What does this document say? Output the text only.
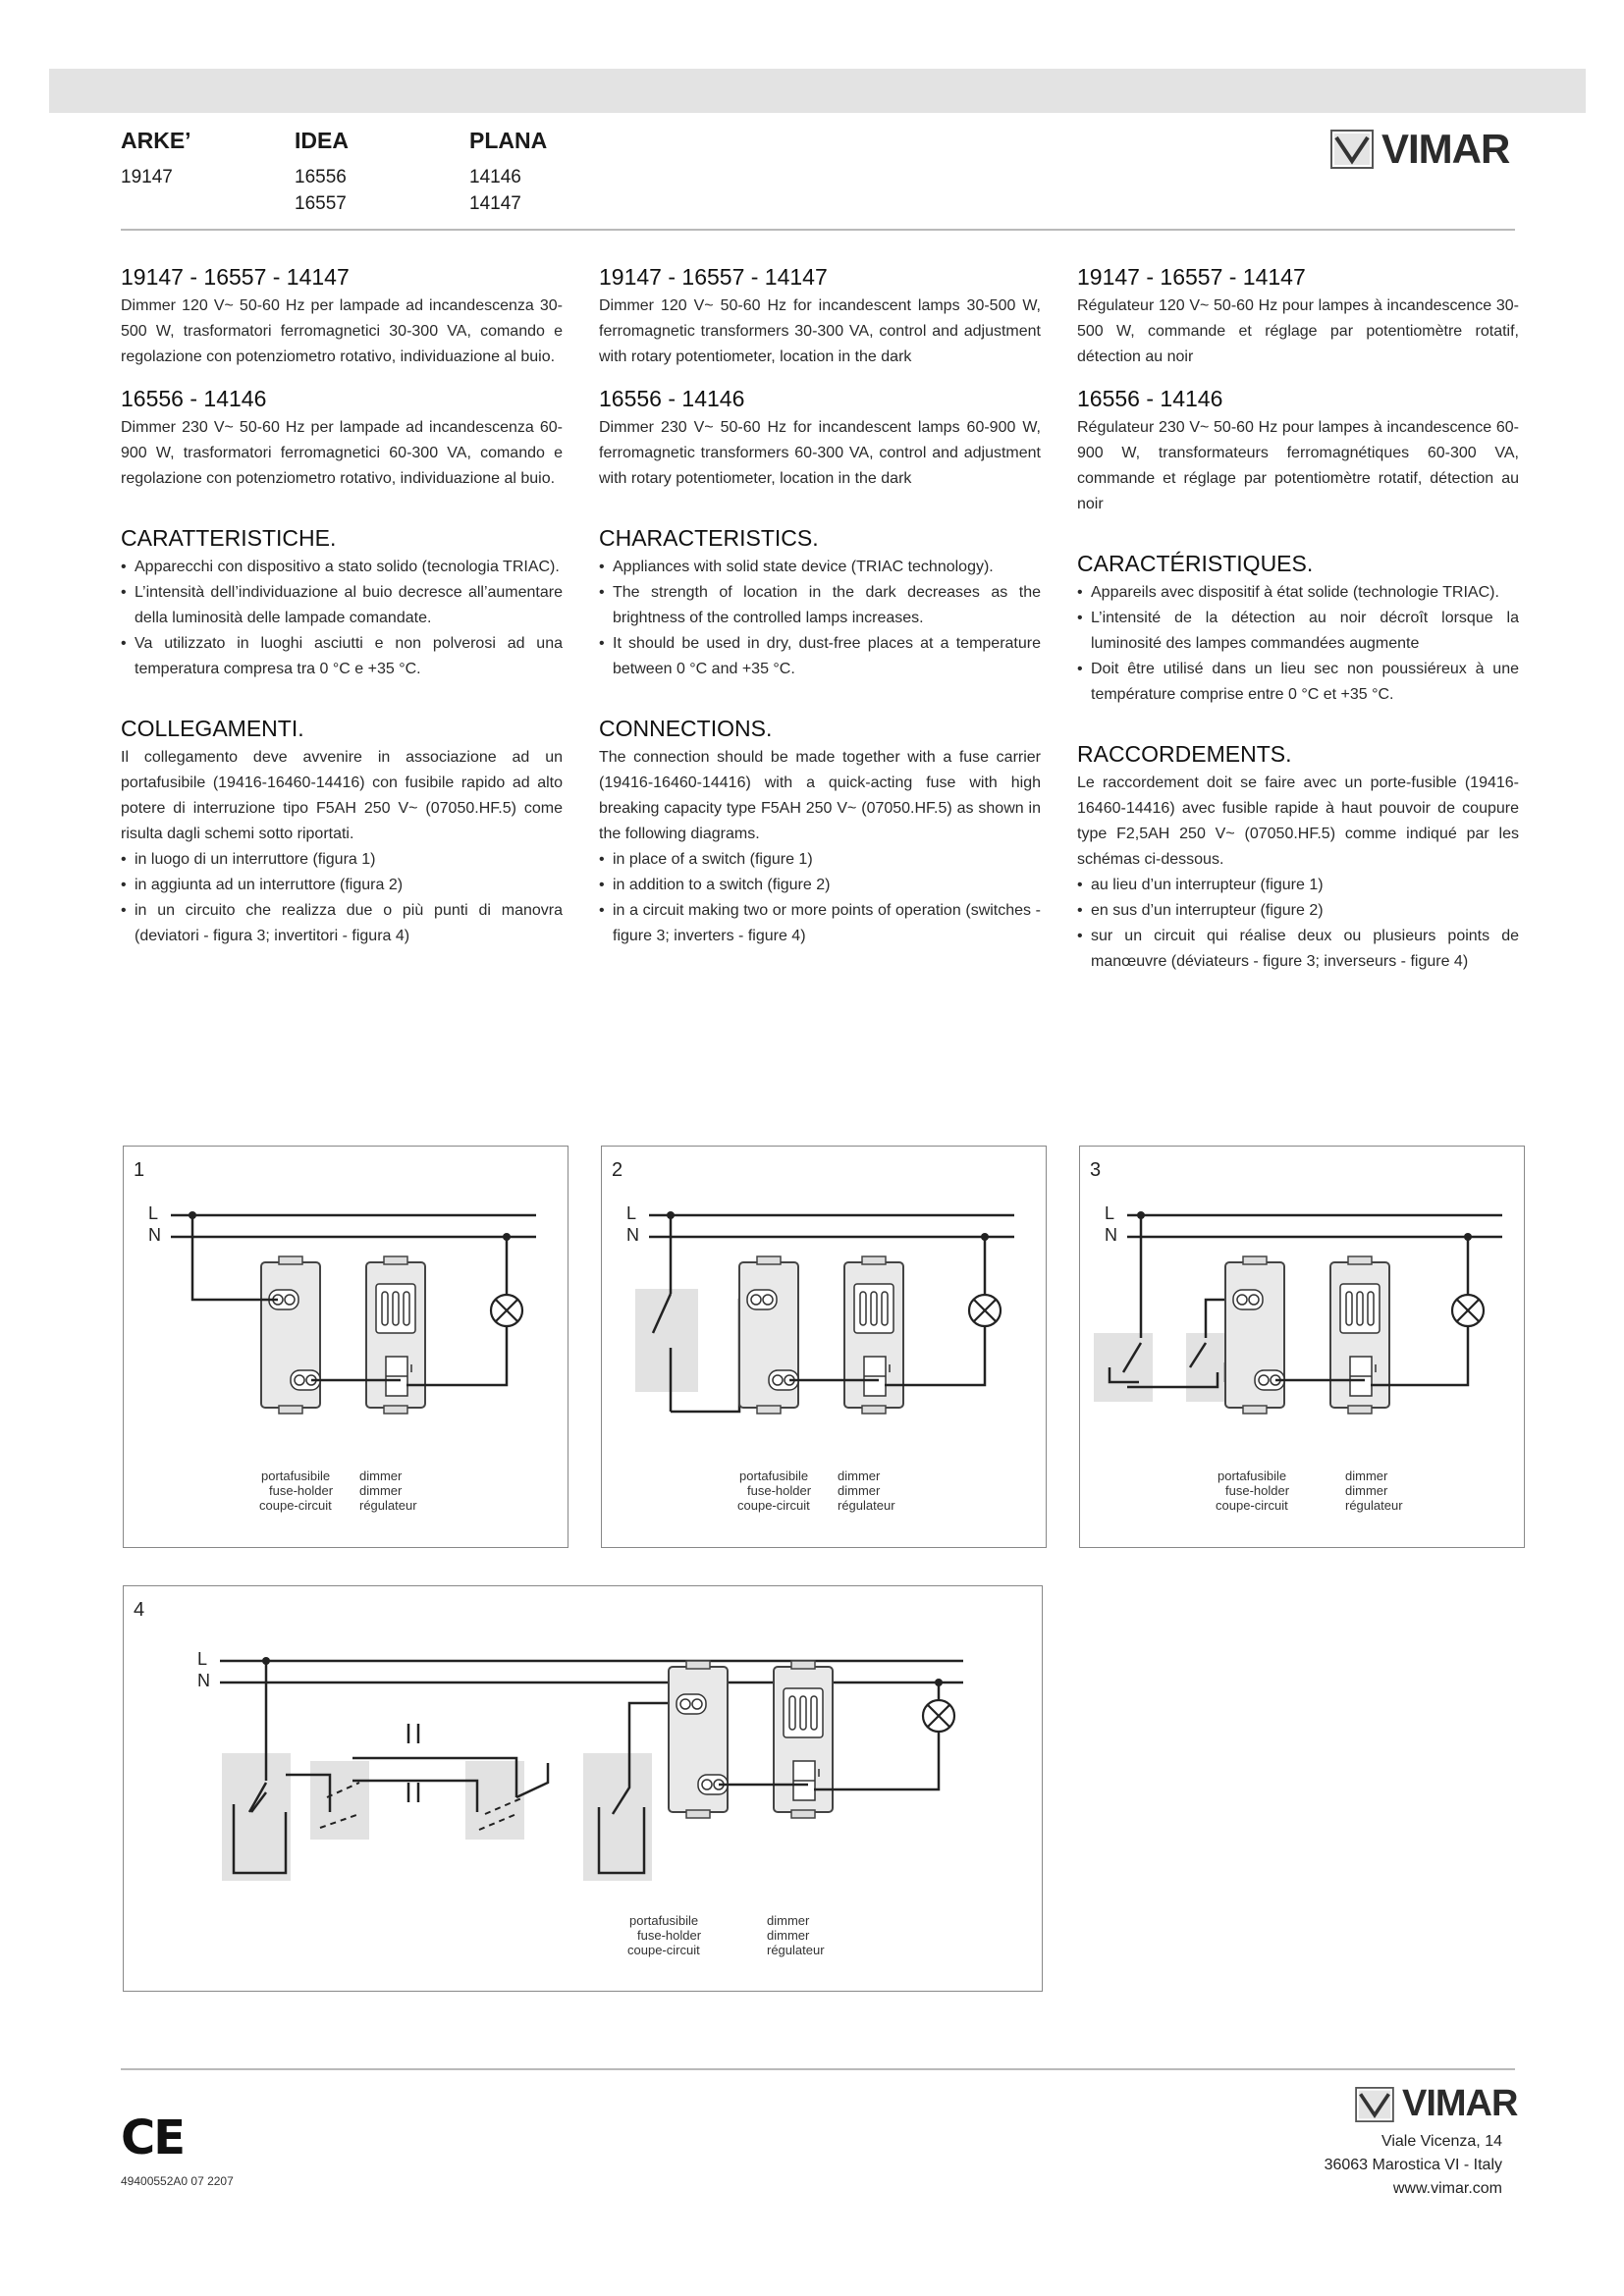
ARKE’
19147
IDEA
16556
16557
PLANA
14146
14147
VIMAR
19147 - 16557 - 14147

Dimmer 120 V~ 50-60 Hz per lampade ad incandescenza 30-500 W, trasformatori ferromagnetici 30-300 VA, comando e regolazione con potenziometro rotativo, individuazione al buio.

16556 - 14146

Dimmer 230 V~ 50-60 Hz per lampade ad incandescenza 60-900 W, trasformatori ferromagnetici 60-300 VA, comando e regolazione con potenziometro rotativo, individuazione al buio.

CARATTERISTICHE.
• Apparecchi con dispositivo a stato solido (tecnologia TRIAC).
• L’intensità dell’individuazione al buio decresce all’aumentare della luminosità delle lampade comandate.
• Va utilizzato in luoghi asciutti e non polverosi ad una temperatura compresa tra 0 °C e +35 °C.
COLLEGAMENTI.

Il collegamento deve avvenire in associazione ad un portafusibile (19416-16460-14416) con fusibile rapido ad alto potere di interruzione tipo F5AH 250 V~ (07050.HF.5) come risulta dagli schemi sotto riportati.

• in luogo di un interruttore (figura 1)
• in aggiunta ad un interruttore (figura 2)
• in un circuito che realizza due o più punti di manovra (deviatori - figura 3; invertitori - figura 4)
19147 - 16557 - 14147

Dimmer 120 V~ 50-60 Hz for incandescent lamps 30-500 W, ferromagnetic transformers 30-300 VA, control and adjustment with rotary potentiometer, location in the dark

16556 - 14146

Dimmer 230 V~ 50-60 Hz for incandescent lamps 60-900 W, ferromagnetic transformers 60-300 VA, control and adjustment with rotary potentiometer, location in the dark

CHARACTERISTICS.
• Appliances with solid state device (TRIAC technology).
• The strength of location in the dark decreases as the brightness of the controlled lamps increases.
• It should be used in dry, dust-free places at a temperature between 0 °C and +35 °C.
CONNECTIONS.

The connection should be made together with a fuse carrier (19416-16460-14416) with a quick-acting fuse with high breaking capacity type F5AH 250 V~ (07050.HF.5) as shown in the following diagrams.

• in place of a switch (figure 1)
• in addition to a switch (figure 2)
• in a circuit making two or more points of operation (switches - figure 3; inverters - figure 4)
19147 - 16557 - 14147

Régulateur 120 V~ 50-60 Hz pour lampes à incandescence 30-500 W, commande et réglage par potentiomètre rotatif, détection au noir

16556 - 14146

Régulateur 230 V~ 50-60 Hz pour lampes à incandescence 60-900 W, transformateurs ferromagnétiques 60-300 VA, commande et réglage par potentiomètre rotatif, détection au noir

CARACTÉRISTIQUES.
• Appareils avec dispositif à état solide (technologie TRIAC).
• L’intensité de la détection au noir décroît lorsque la luminosité des lampes commandées augmente
• Doit être utilisé dans un lieu sec non poussiéreux à une température comprise entre 0 °C et +35 °C.
RACCORDEMENTS.

Le raccordement doit se faire avec un porte-fusible (19416-16460-14416) avec fusible rapide à haut pouvoir de coupure type F2,5AH 250 V~ (07050.HF.5) comme indiqué par les schémas ci-dessous.

• au lieu d’un interrupteur (figure 1)
• en sus d’un interrupteur (figure 2)
• sur un circuit qui réalise deux ou plusieurs points de manœuvre (déviateurs - figure 3; inverseurs - figure 4)
1
L
N
portafusibile
fuse-holder
coupe-circuit
dimmer
dimmer
régulateur
2
L
N
portafusibile
fuse-holder
coupe-circuit
dimmer
dimmer
régulateur
3
L
N
portafusibile
fuse-holder
coupe-circuit
dimmer
dimmer
régulateur
4
L
N
portafusibile
fuse-holder
coupe-circuit
dimmer
dimmer
régulateur
CE
49400552A0 07 2207
VIMAR
Viale Vicenza, 14
36063 Marostica VI - Italy
www.vimar.com
